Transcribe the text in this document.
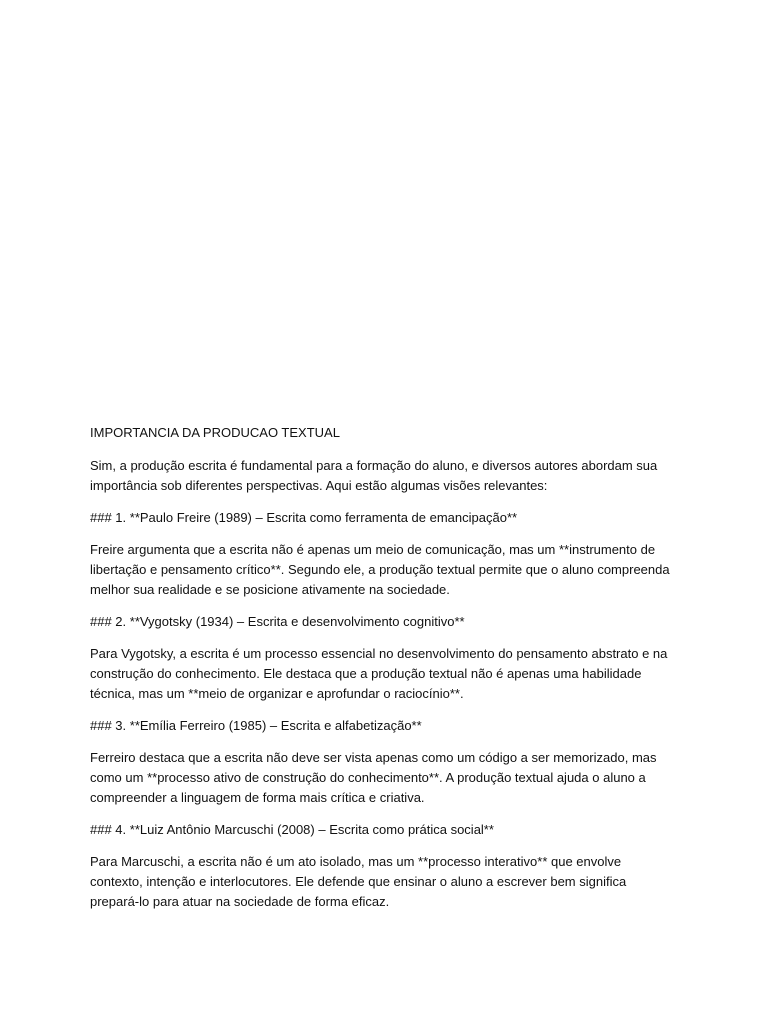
IMPORTANCIA DA PRODUCAO TEXTUAL

Sim, a produção escrita é fundamental para a formação do aluno, e diversos autores abordam sua importância sob diferentes perspectivas. Aqui estão algumas visões relevantes:

### 1. **Paulo Freire (1989) – Escrita como ferramenta de emancipação**

Freire argumenta que a escrita não é apenas um meio de comunicação, mas um **instrumento de libertação e pensamento crítico**. Segundo ele, a produção textual permite que o aluno compreenda melhor sua realidade e se posicione ativamente na sociedade.

### 2. **Vygotsky (1934) – Escrita e desenvolvimento cognitivo**

Para Vygotsky, a escrita é um processo essencial no desenvolvimento do pensamento abstrato e na construção do conhecimento. Ele destaca que a produção textual não é apenas uma habilidade técnica, mas um **meio de organizar e aprofundar o raciocínio**.

### 3. **Emília Ferreiro (1985) – Escrita e alfabetização**

Ferreiro destaca que a escrita não deve ser vista apenas como um código a ser memorizado, mas como um **processo ativo de construção do conhecimento**. A produção textual ajuda o aluno a compreender a linguagem de forma mais crítica e criativa.

### 4. **Luiz Antônio Marcuschi (2008) – Escrita como prática social**

Para Marcuschi, a escrita não é um ato isolado, mas um **processo interativo** que envolve contexto, intenção e interlocutores. Ele defende que ensinar o aluno a escrever bem significa prepará-lo para atuar na sociedade de forma eficaz.
